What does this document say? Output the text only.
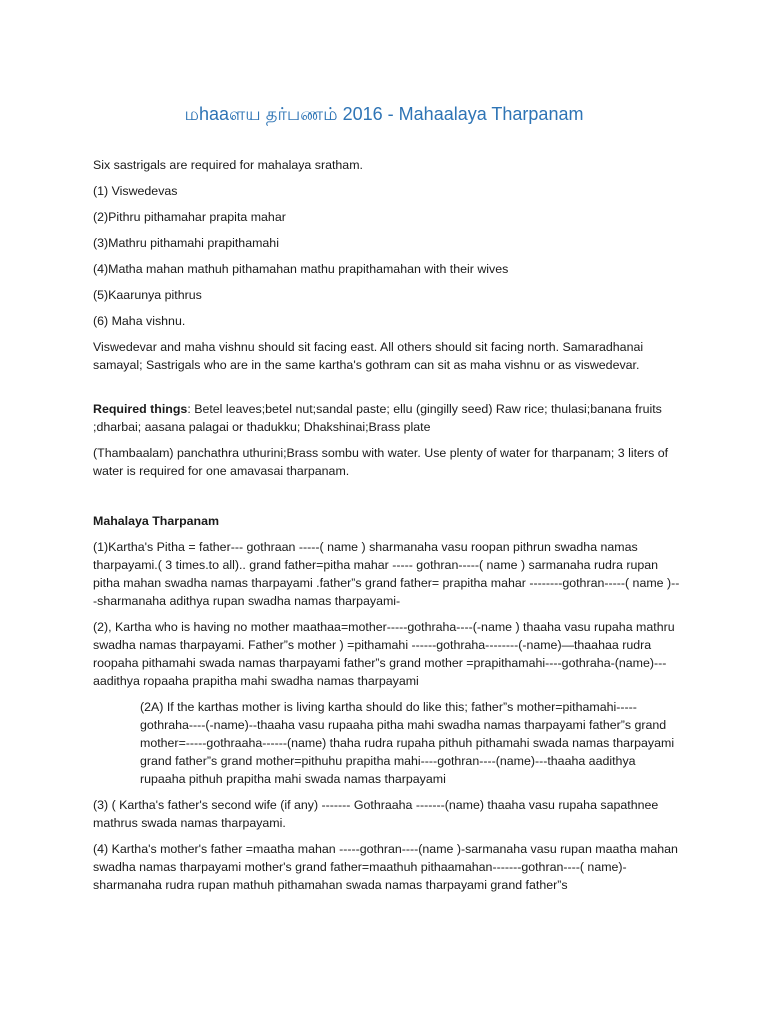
மhaaளய தர்பணம் 2016 - Mahaalaya Tharpanam

Six sastrigals are required for mahalaya sratham.

(1) Viswedevas

(2)Pithru pithamahar prapita mahar

(3)Mathru pithamahi prapithamahi

(4)Matha mahan mathuh pithamahan mathu prapithamahan with their wives

(5)Kaarunya pithrus

(6) Maha vishnu.

Viswedevar and maha vishnu should sit facing east. All others should sit facing north. Samaradhanai samayal; Sastrigals who are in the same kartha's gothram can sit as maha vishnu or as viswedevar.

Required things: Betel leaves;betel nut;sandal paste; ellu (gingilly seed) Raw rice; thulasi;banana fruits ;dharbai; aasana palagai or thadukku; Dhakshinai;Brass plate

(Thambaalam) panchathra uthurini;Brass sombu with water. Use plenty of water for tharpanam; 3 liters of water is required for one amavasai tharpanam.

Mahalaya Tharpanam

(1)Kartha's Pitha = father--- gothraan -----( name ) sharmanaha vasu roopan pithrun swadha namas tharpayami.( 3 times.to all).. grand father=pitha mahar ----- gothran-----( name ) sarmanaha rudra rupan pitha mahan swadha namas tharpayami .father”s grand father= prapitha mahar --------gothran-----( name )---sharmanaha adithya rupan swadha namas tharpayami-

(2), Kartha who is having no mother maathaa=mother-----gothraha----(-name ) thaaha vasu rupaha mathru swadha namas tharpayami. Father”s mother ) =pithamahi ------gothraha--------(-name)—thaahaa rudra roopaha pithamahi swada namas tharpayami father”s grand mother =prapithamahi----gothraha-(name)---aadithya ropaaha prapitha mahi swadha namas tharpayami

(2A) If the karthas mother is living kartha should do like this; father”s mother=pithamahi-----gothraha----(-name)--thaaha vasu rupaaha pitha mahi swadha namas tharpayami father”s grand mother=-----gothraaha------(name) thaha rudra rupaha pithuh pithamahi swada namas tharpayami grand father”s grand mother=pithuhu prapitha mahi----gothran----(name)---thaaha aadithya rupaaha pithuh prapitha mahi swada namas tharpayami

(3) ( Kartha's father's second wife (if any) ------- Gothraaha -------(name) thaaha vasu rupaha sapathnee mathrus swada namas tharpayami.

(4) Kartha's mother's father =maatha mahan -----gothran----(name )-sarmanaha vasu rupan maatha mahan swadha namas tharpayami mother's grand father=maathuh pithaamahan-------gothran----( name)-sharmanaha rudra rupan mathuh pithamahan swada namas tharpayami grand father”s
